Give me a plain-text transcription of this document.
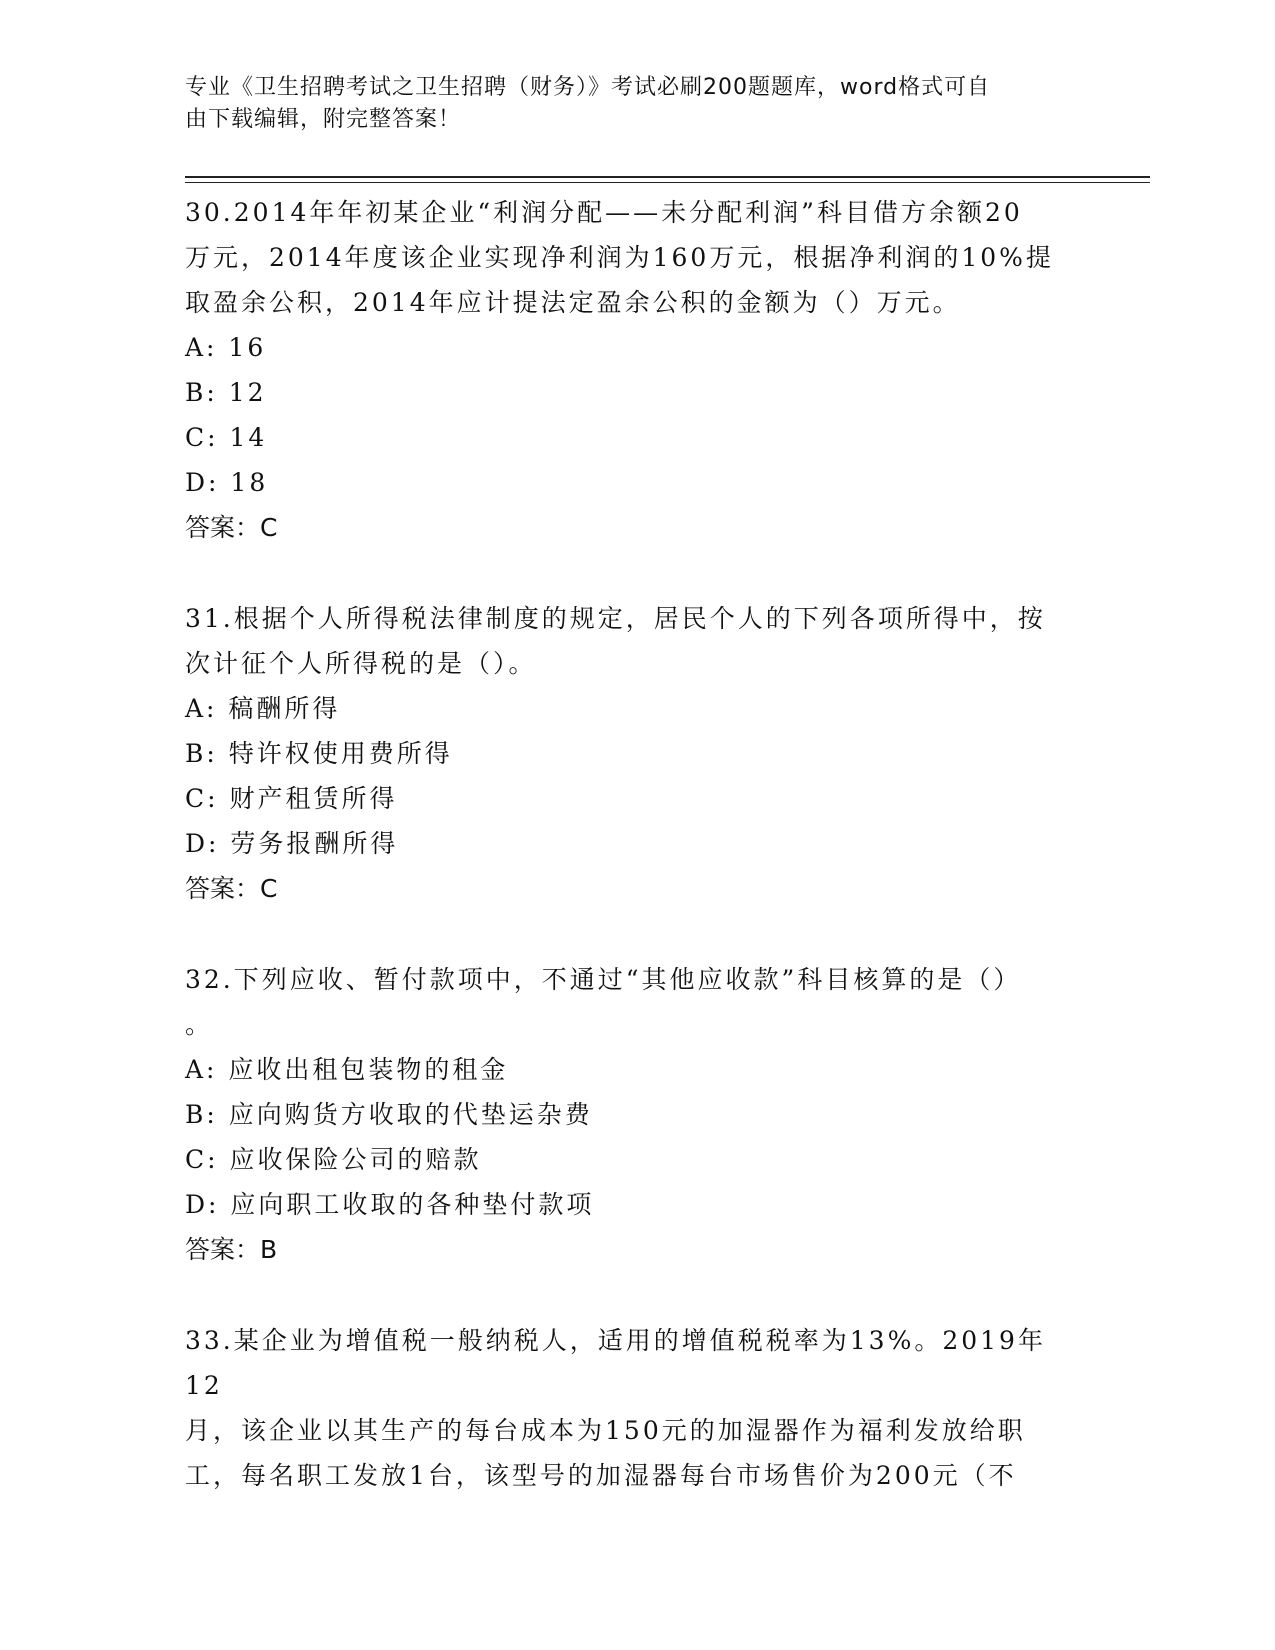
专业《卫生招聘考试之卫生招聘（财务）》考试必刷200题题库，word格式可自
由下载编辑，附完整答案！

30.2014年年初某企业“利润分配——未分配利润”科目借方余额20

万元，2014年度该企业实现净利润为160万元，根据净利润的10%提

取盈余公积，2014年应计提法定盈余公积的金额为（）万元。

A: 16

B: 12

C: 14

D: 18

答案：C

31.根据个人所得税法律制度的规定，居民个人的下列各项所得中，按

次计征个人所得税的是（）。

A: 稿酬所得

B: 特许权使用费所得

C: 财产租赁所得

D: 劳务报酬所得

答案：C

32.下列应收、暂付款项中，不通过“其他应收款”科目核算的是（）

。

A: 应收出租包装物的租金

B: 应向购货方收取的代垫运杂费

C: 应收保险公司的赔款

D: 应向职工收取的各种垫付款项

答案：B

33.某企业为增值税一般纳税人，适用的增值税税率为13%。2019年12

月，该企业以其生产的每台成本为150元的加湿器作为福利发放给职

工，每名职工发放1台，该型号的加湿器每台市场售价为200元（不
